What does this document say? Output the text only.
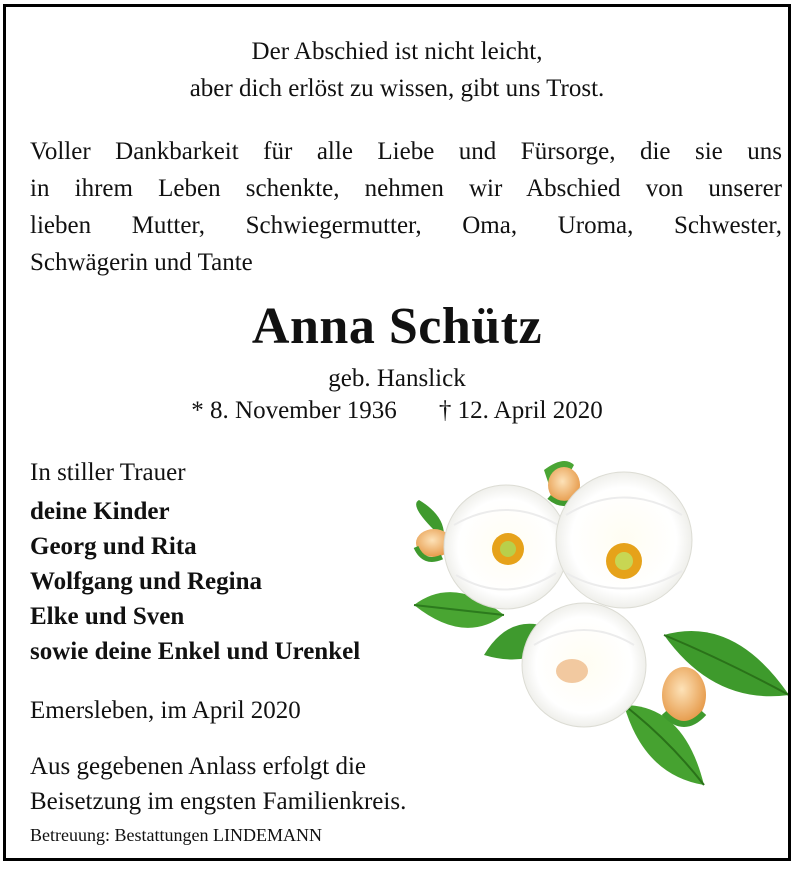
Der Abschied ist nicht leicht,
aber dich erlöst zu wissen, gibt uns Trost.
Voller Dankbarkeit für alle Liebe und Fürsorge, die sie uns
in ihrem Leben schenkte, nehmen wir Abschied von unserer
lieben Mutter, Schwiegermutter, Oma, Uroma, Schwester,
Schwägerin und Tante
Anna Schütz
geb. Hanslick
* 8. November 1936 † 12. April 2020
In stiller Trauer
deine Kinder
Georg und Rita
Wolfgang und Regina
Elke und Sven
sowie deine Enkel und Urenkel
Emersleben, im April 2020
Aus gegebenen Anlass erfolgt die
Beisetzung im engsten Familienkreis.
Betreuung: Bestattungen LINDEMANN
